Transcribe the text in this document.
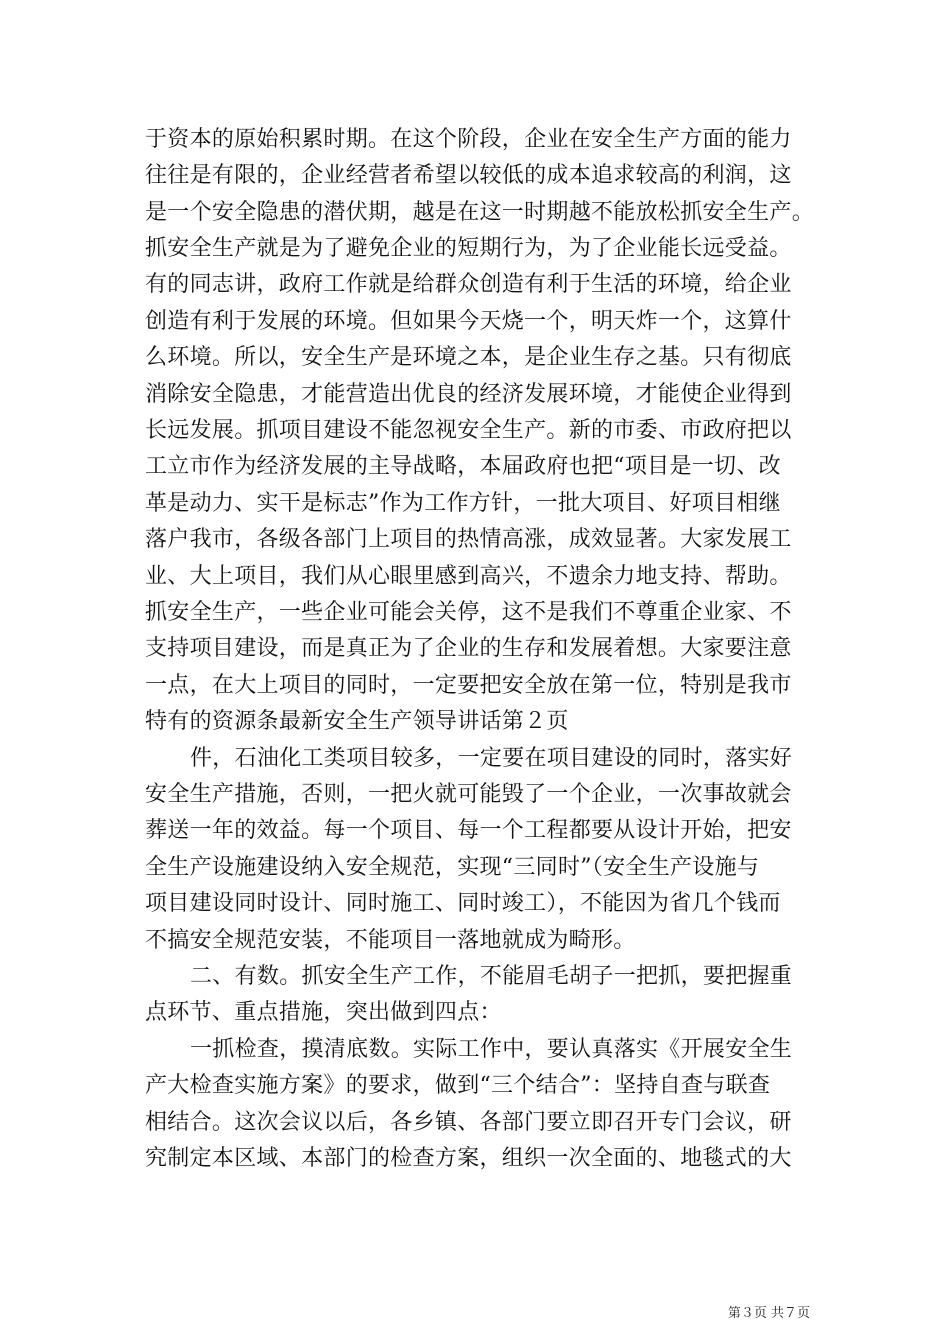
于资本的原始积累时期。在这个阶段，企业在安全生产方面的能力
往往是有限的，企业经营者希望以较低的成本追求较高的利润，这
是一个安全隐患的潜伏期，越是在这一时期越不能放松抓安全生产。
抓安全生产就是为了避免企业的短期行为，为了企业能长远受益。
有的同志讲，政府工作就是给群众创造有利于生活的环境，给企业
创造有利于发展的环境。但如果今天烧一个，明天炸一个，这算什
么环境。所以，安全生产是环境之本，是企业生存之基。只有彻底
消除安全隐患，才能营造出优良的经济发展环境，才能使企业得到
长远发展。抓项目建设不能忽视安全生产。新的市委、市政府把以
工立市作为经济发展的主导战略，本届政府也把“项目是一切、改
革是动力、实干是标志”作为工作方针，一批大项目、好项目相继
落户我市，各级各部门上项目的热情高涨，成效显著。大家发展工
业、大上项目，我们从心眼里感到高兴，不遗余力地支持、帮助。
抓安全生产，一些企业可能会关停，这不是我们不尊重企业家、不
支持项目建设，而是真正为了企业的生存和发展着想。大家要注意
一点，在大上项目的同时，一定要把安全放在第一位，特别是我市
特有的资源条最新安全生产领导讲话第２页
件，石油化工类项目较多，一定要在项目建设的同时，落实好
安全生产措施，否则，一把火就可能毁了一个企业，一次事故就会
葬送一年的效益。每一个项目、每一个工程都要从设计开始，把安
全生产设施建设纳入安全规范，实现“三同时”（安全生产设施与
项目建设同时设计、同时施工、同时竣工），不能因为省几个钱而
不搞安全规范安装，不能项目一落地就成为畸形。
二、有数。抓安全生产工作，不能眉毛胡子一把抓，要把握重
点环节、重点措施，突出做到四点：
一抓检查，摸清底数。实际工作中，要认真落实《开展安全生
产大检查实施方案》的要求，做到“三个结合”：坚持自查与联查
相结合。这次会议以后，各乡镇、各部门要立即召开专门会议，研
究制定本区域、本部门的检查方案，组织一次全面的、地毯式的大
第３页 共７页
